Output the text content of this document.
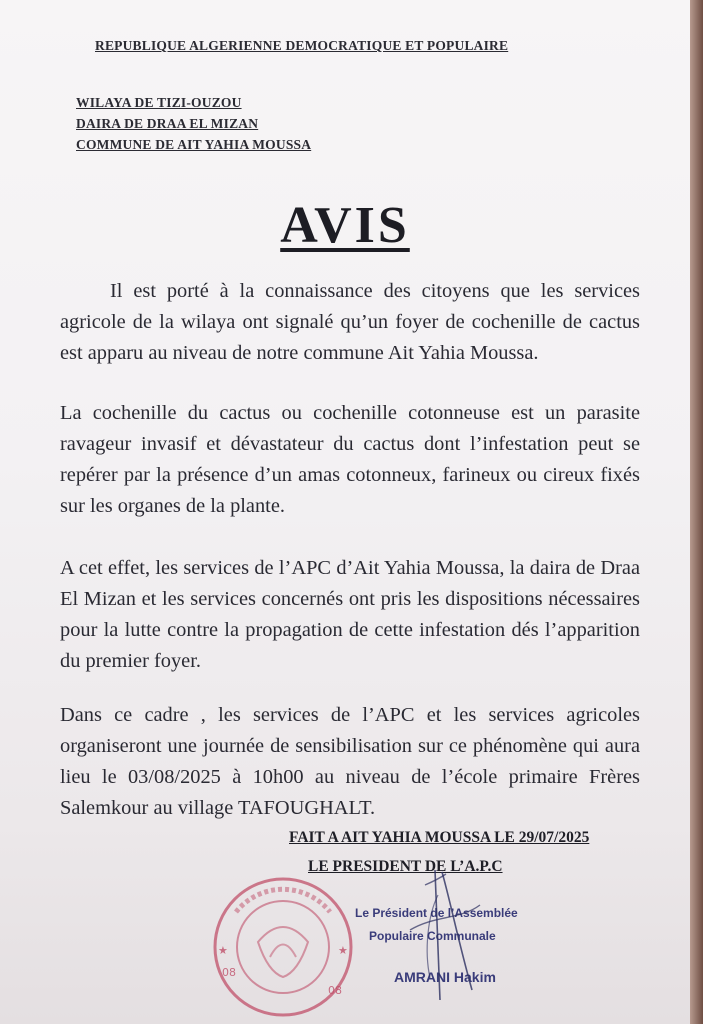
REPUBLIQUE ALGERIENNE DEMOCRATIQUE ET POPULAIRE
WILAYA DE TIZI-OUZOU
DAIRA DE DRAA EL MIZAN
COMMUNE DE AIT YAHIA MOUSSA
AVIS

Il est porté à la connaissance des citoyens que les services agricole de la wilaya ont signalé qu’un foyer de cochenille de cactus est apparu au niveau de notre commune Ait Yahia Moussa.

La cochenille du cactus ou cochenille cotonneuse est un parasite ravageur invasif et dévastateur du cactus dont l’infestation peut se repérer par la présence d’un amas cotonneux, farineux ou cireux fixés sur les organes de la plante.

A cet effet, les services de l’APC d’Ait Yahia Moussa, la daira de Draa El Mizan et les services concernés ont pris les dispositions nécessaires pour la lutte contre la propagation de cette infestation dés l’apparition du premier foyer.

Dans ce cadre , les services de l’APC et les services agricoles organiseront une journée de sensibilisation sur ce phénomène qui aura lieu le 03/08/2025 à 10h00 au niveau de l’école primaire Frères Salemkour au village TAFOUGHALT.

FAIT A AIT YAHIA MOUSSA LE 29/07/2025
LE PRESIDENT DE L’A.P.C
★	★
08
08
Le Président de l’Assemblée
Populaire Communale
AMRANI Hakim
